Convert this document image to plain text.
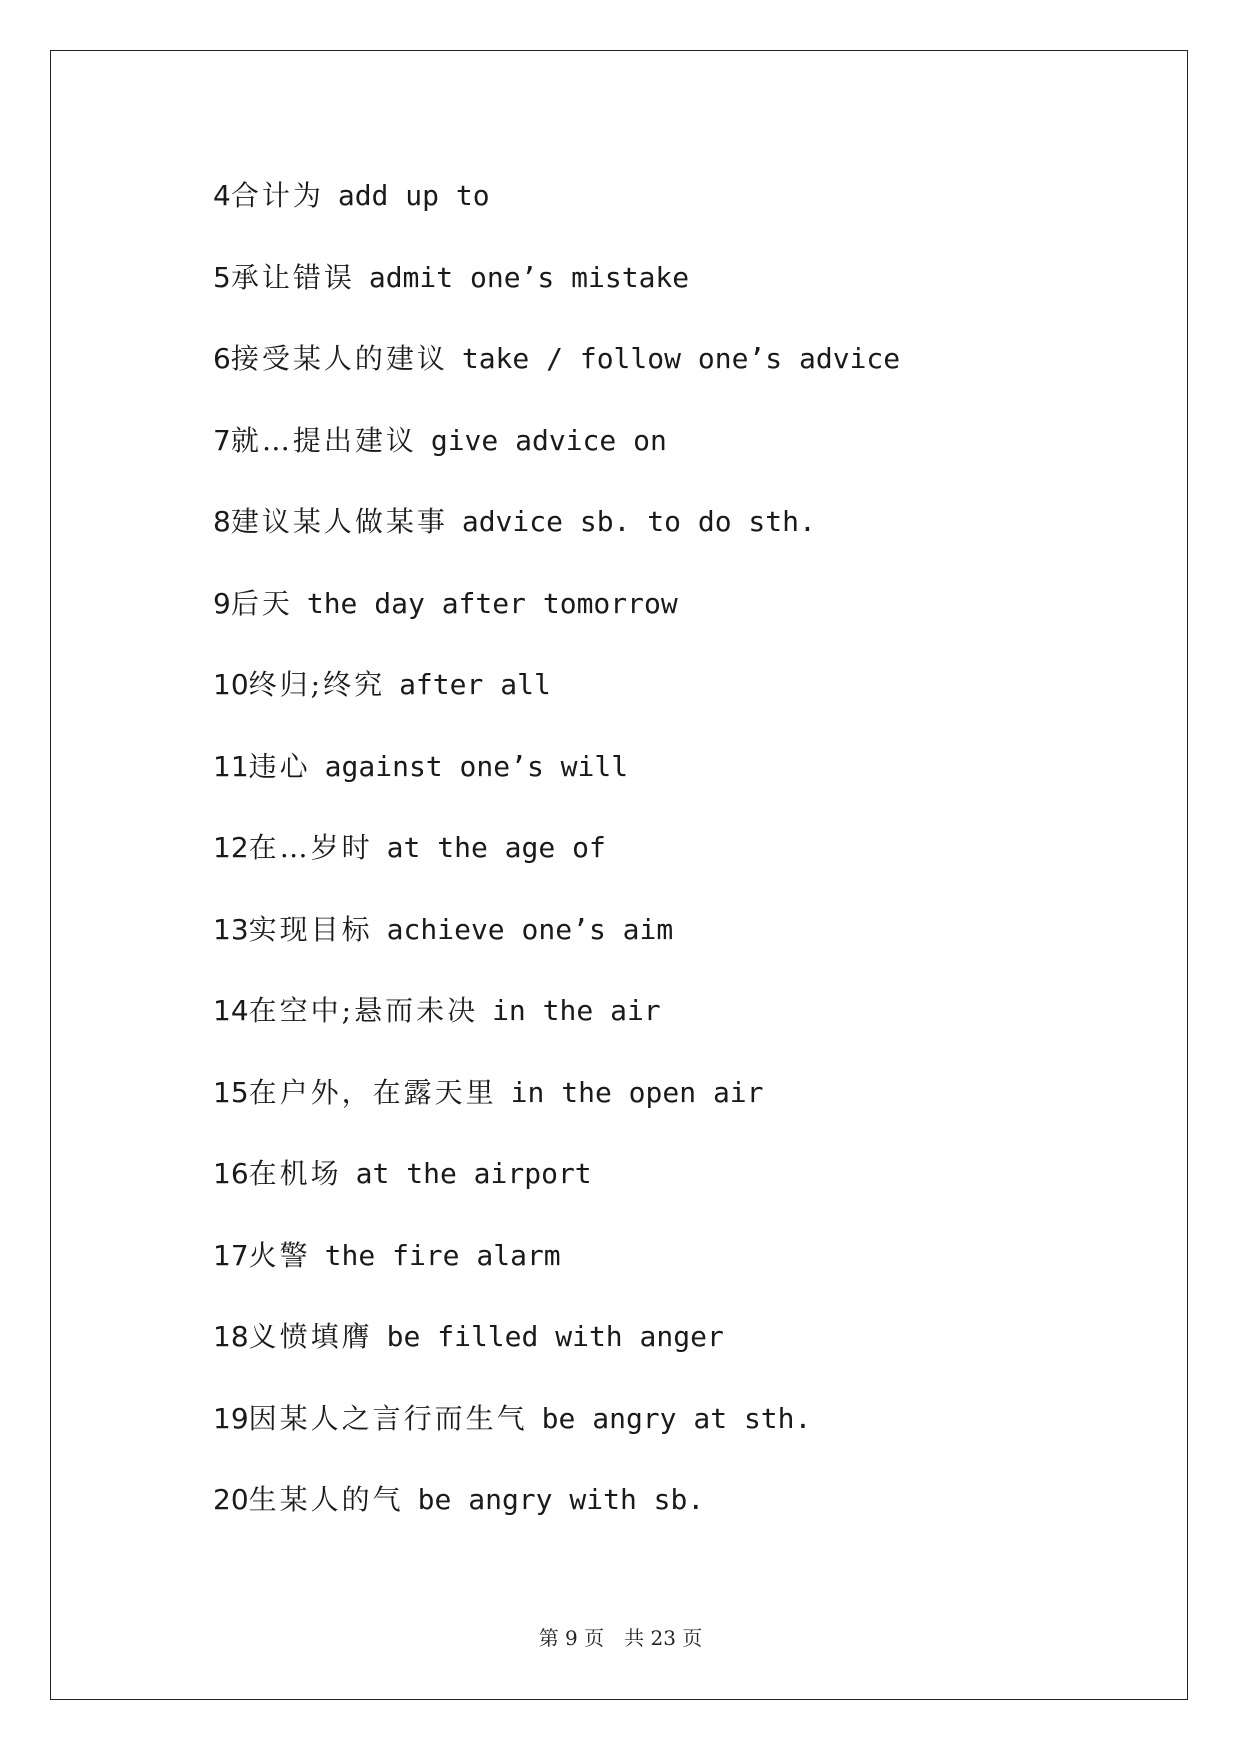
4合计为 add up to
5承让错误 admit one’s mistake
6接受某人的建议 take / follow one’s advice
7就…提出建议 give advice on
8建议某人做某事 advice sb. to do sth.
9后天 the day after tomorrow
10终归;终究 after all
11违心 against one’s will
12在…岁时 at the age of
13实现目标 achieve one’s aim
14在空中;悬而未决 in the air
15在户外，在露天里 in the open air
16在机场 at the airport
17火警 the fire alarm
18义愤填膺 be filled with anger
19因某人之言行而生气 be angry at sth.
20生某人的气 be angry with sb.
第 9 页 共 23 页
